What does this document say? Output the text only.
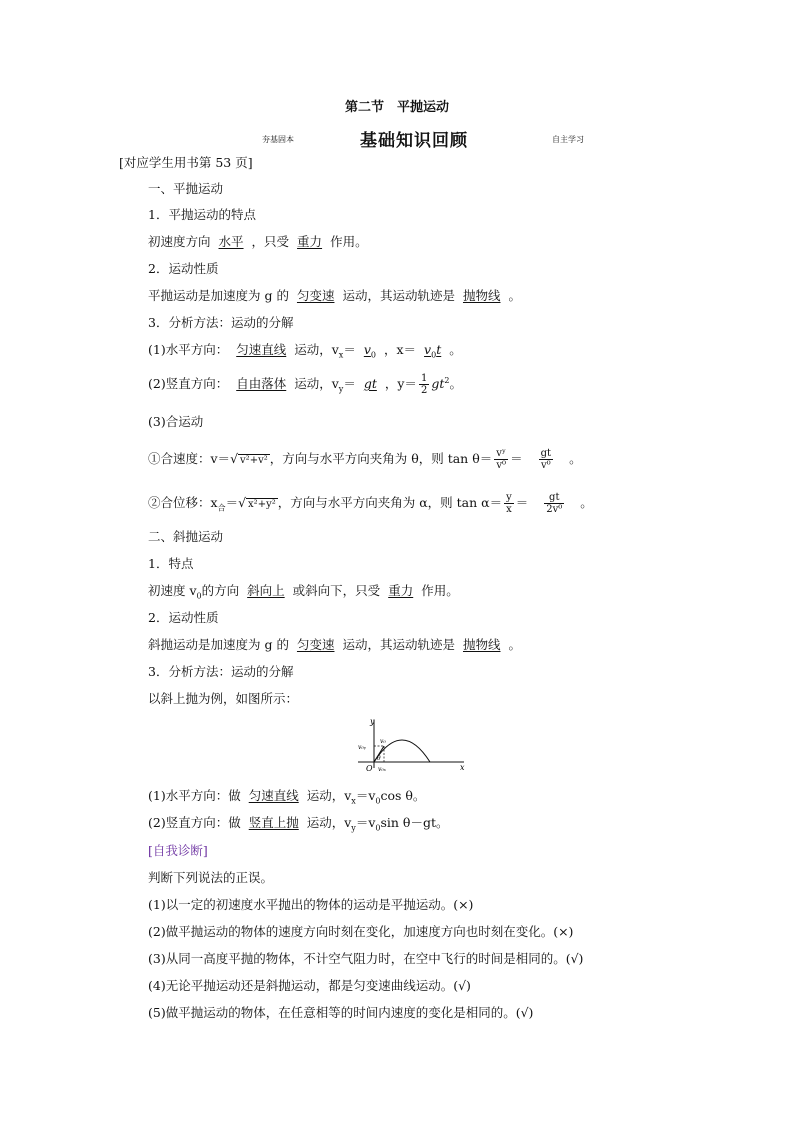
第二节　平抛运动
夯基固本	基础知识回顾	自主学习
[对应学生用书第 53 页]
一、平抛运动
1．平抛运动的特点
初速度方向 水平 ，只受 重力 作用。
2．运动性质
平抛运动是加速度为 g 的 匀变速 运动，其运动轨迹是 抛物线 。
3．分析方法：运动的分解
(1)水平方向： 匀速直线 运动，$v_x= v_0$ ，$x= v_0t$ 。
(2)竖直方向： 自由落体 运动，$v_y=$ gt ，$y= \frac{1}{2} gt^2$。
(3)合运动
①合速度：v＝√ v²+v² ，方向与水平方向夹角为 θ，则 $\tan \theta= \frac{\text{vʸ}}{\text{v⁰}} = \frac{gt}{\text{v⁰}}$ 。
②合位移：$x_合=√$ x²+y² ，方向与水平方向夹角为 α，则 $\tan \alpha= \frac{y}{x} = \frac{gt}{\text{2v⁰}}$ 。
二、斜抛运动
1．特点
初速度 $v_0$的方向 斜向上 或斜向下，只受 重力 作用。
2．运动性质
斜抛运动是加速度为 g 的 匀变速 运动，其运动轨迹是 抛物线 。
3．分析方法：运动的分解
以斜上抛为例，如图所示：
y
x
O
v₀
v₀ᵧ
v₀ₓ
θ
(1)水平方向：做 匀速直线 运动，$v_x=v_0\cos$ θ。
(2)竖直方向：做 竖直上抛 运动，$v_y=v_0\sin$ θ－gt。
[自我诊断]
判断下列说法的正误。
(1)以一定的初速度水平抛出的物体的运动是平抛运动。(×)
(2)做平抛运动的物体的速度方向时刻在变化，加速度方向也时刻在变化。(×)
(3)从同一高度平抛的物体，不计空气阻力时，在空中飞行的时间是相同的。(√)
(4)无论平抛运动还是斜抛运动，都是匀变速曲线运动。(√)
(5)做平抛运动的物体，在任意相等的时间内速度的变化是相同的。(√)
